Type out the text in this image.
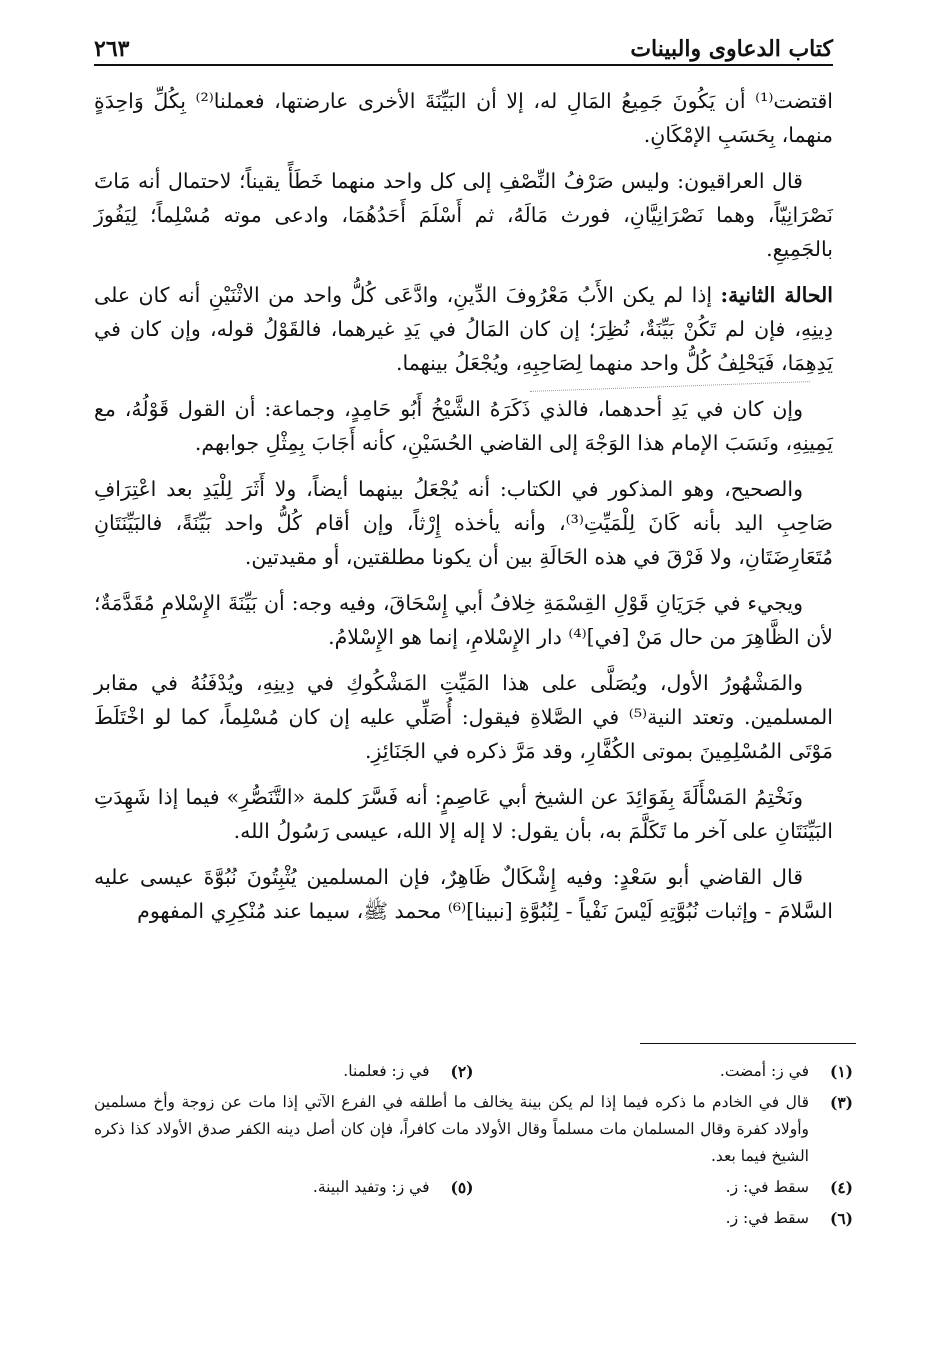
كتاب الدعاوى والبينات
٢٦٣

اقتضت⁽¹⁾ أن يَكُونَ جَمِيعُ المَالِ له، إلا أن البَيِّنَةَ الأخرى عارضتها، فعملنا⁽²⁾ بِكُلِّ وَاحِدَةٍ منهما، بِحَسَبِ الإمْكَانِ.

قال العراقيون: وليس صَرْفُ النِّصْفِ إلى كل واحد منهما خَطَأً يقيناً؛ لاحتمال أنه مَاتَ نَصْرَانِيّاً، وهما نَصْرَانِيَّانِ، فورث مَالَهُ، ثم أَسْلَمَ أَحَدُهُمَا، وادعى موته مُسْلِماً؛ لِيَفُوزَ بالجَمِيعِ.

الحالة الثانية: إذا لم يكن الأَبُ مَعْرُوفَ الدِّينِ، وادَّعَى كُلُّ واحد من الاثْنَيْنِ أنه كان على دِينِهِ، فإن لم تَكُنْ بَيِّنَةٌ، نُظِرَ؛ إن كان المَالُ في يَدِ غيرهما، فالقَوْلُ قوله، وإن كان في يَدِهِمَا، فَيَحْلِفُ كُلُّ واحد منهما لِصَاحِبِهِ، ويُجْعَلُ بينهما.

وإن كان في يَدِ أحدهما، فالذي ذَكَرَهُ الشَّيْخُ أَبُو حَامِدٍ، وجماعة: أن القول قَوْلُهُ، مع يَمِينِهِ، ونَسَبَ الإمام هذا الوَجْهَ إلى القاضي الحُسَيْنِ، كأنه أَجَابَ بِمِثْلِ جوابهم.

والصحيح، وهو المذكور في الكتاب: أنه يُجْعَلُ بينهما أيضاً، ولا أَثَرَ لِلْيَدِ بعد اعْتِرَافِ صَاحِبِ اليد بأنه كَانَ لِلْمَيِّتِ⁽³⁾، وأنه يأخذه إِرْثاً، وإن أقام كُلُّ واحد بَيِّنَةً، فالبَيِّنَتَانِ مُتَعَارِضَتَانِ، ولا فَرْقَ في هذه الحَالَةِ بين أن يكونا مطلقتين، أو مقيدتين.

ويجيء في جَرَيَانِ قَوْلِ القِسْمَةِ خِلافُ أبي إِسْحَاقَ، وفيه وجه: أن بَيِّنَةَ الإِسْلامِ مُقَدَّمَةٌ؛ لأن الظَّاهِرَ من حال مَنْ [في]⁽⁴⁾ دار الإِسْلامِ، إنما هو الإِسْلامُ.

والمَشْهُورُ الأول، ويُصَلَّى على هذا المَيِّتِ المَشْكُوكِ في دِينِهِ، ويُدْفَنُهُ في مقابر المسلمين. وتعتد النية⁽⁵⁾ في الصَّلاةِ فيقول: أُصَلِّي عليه إن كان مُسْلِماً، كما لو اخْتَلَطَ مَوْتَى المُسْلِمِينَ بموتى الكُفَّارِ، وقد مَرَّ ذكره في الجَنَائِزِ.

ونَخْتِمُ المَسْأَلَةَ بِفَوَائِدَ عن الشيخ أبي عَاصِمٍ: أنه فَسَّرَ كلمة «التَّنَصُّرِ» فيما إذا شَهِدَتِ البَيِّنَتَانِ على آخر ما تَكَلَّمَ به، بأن يقول: لا إله إلا الله، عيسى رَسُولُ الله.

قال القاضي أبو سَعْدٍ: وفيه إِشْكَالٌ ظَاهِرٌ، فإن المسلمين يُثْبِتُونَ نُبُوَّةَ عيسى عليه السَّلامَ - وإثبات نُبُوَّتِهِ لَيْسَ نَفْياً - لِنُبُوَّةِ [نبينا]⁽⁶⁾ محمد ﷺ، سيما عند مُنْكِرِي المفهوم

(١)
في ز: أمضت.
(٢)
في ز: فعلمنا.
(٣)
قال في الخادم ما ذكره فيما إذا لم يكن بينة يخالف ما أطلقه في الفرع الآتي إذا مات عن زوجة وأخ مسلمين وأولاد كفرة وقال المسلمان مات مسلماً وقال الأولاد مات كافراً، فإن كان أصل دينه الكفر صدق الأولاد كذا ذكره الشيخ فيما بعد.
(٤)
سقط في: ز.
(٥)
في ز: وتفيد البينة.
(٦)
سقط في: ز.
